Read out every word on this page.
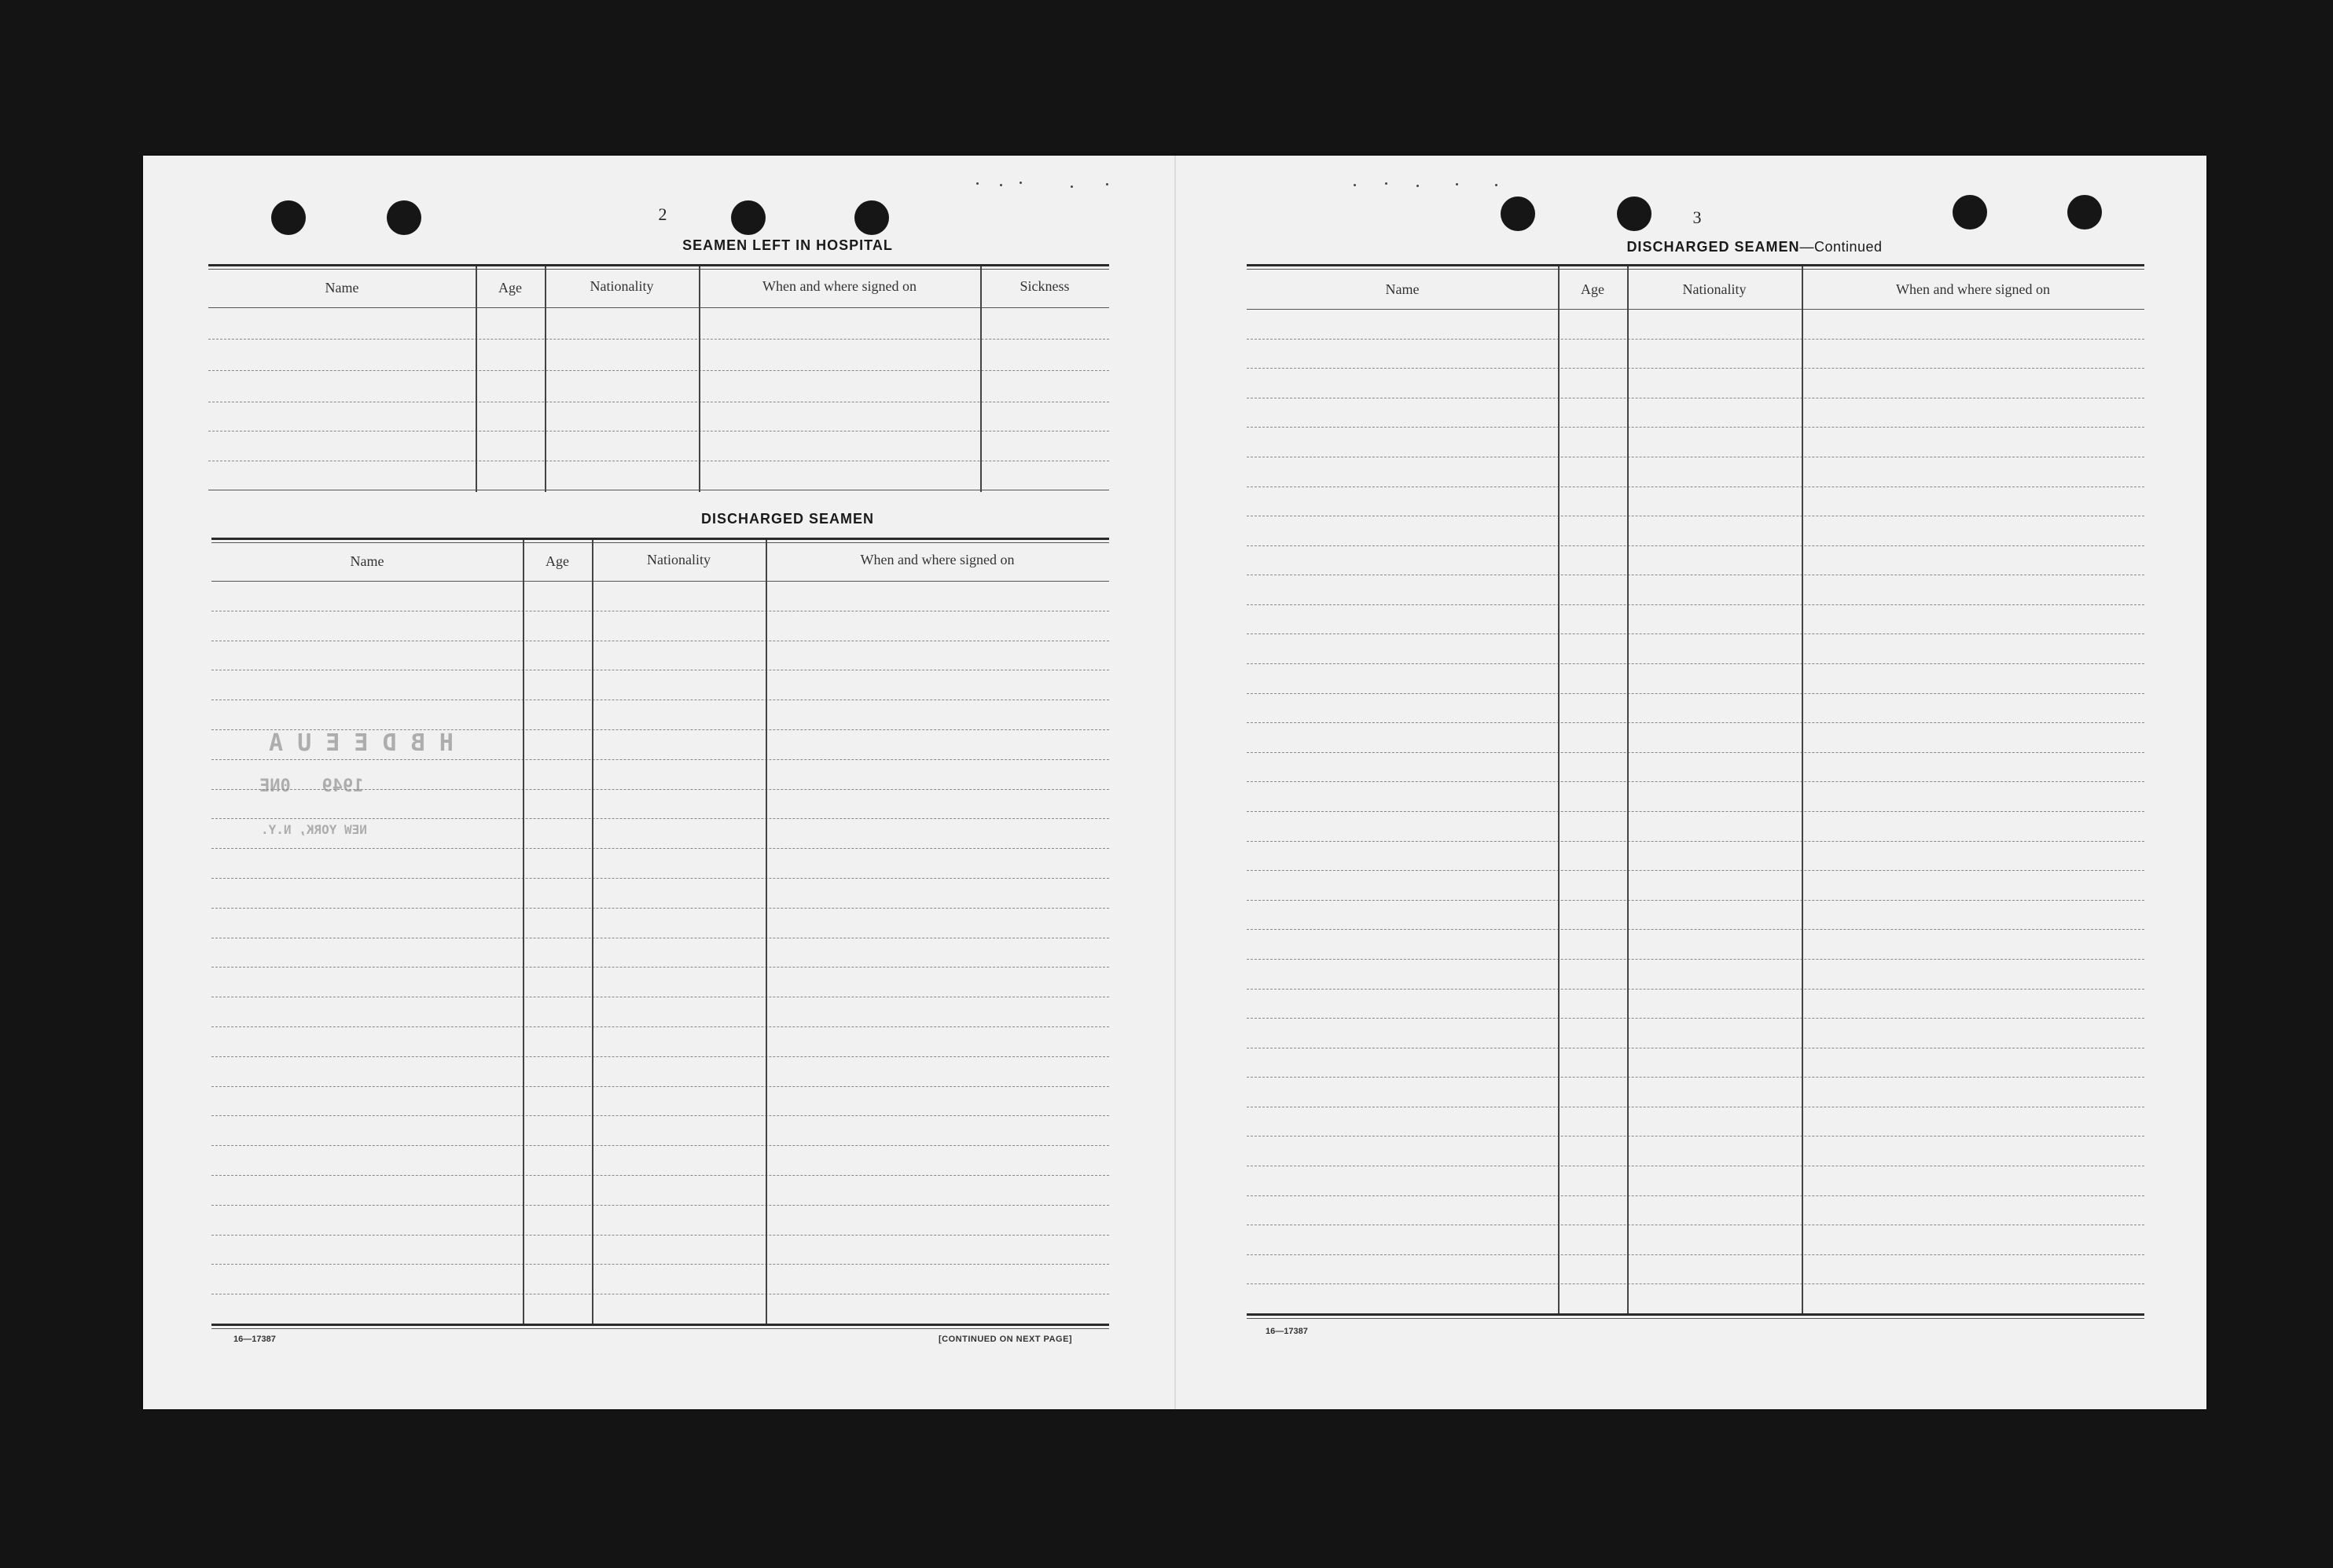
2
SEAMEN LEFT IN HOSPITAL
Name	Age	Nationality	When and where signed on	Sickness
DISCHARGED SEAMEN
Name	Age	Nationality	When and where signed on
16—17387	[CONTINUED ON NEXT PAGE]
H B D E E U A
1949   0NE
NEW YORK, N.Y.
3
DISCHARGED SEAMEN—Continued
Name	Age	Nationality	When and where signed on
16—17387
